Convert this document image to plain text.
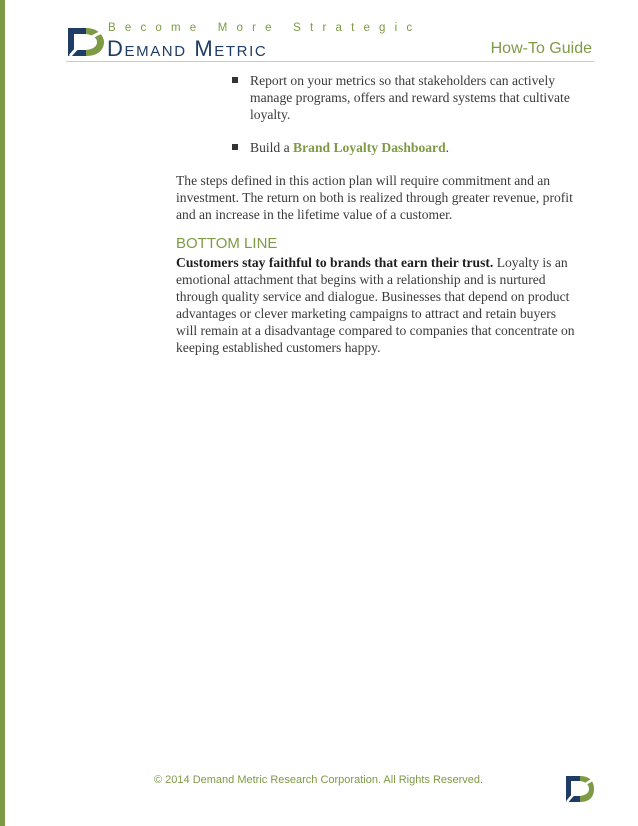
Become More Strategic
Demand Metric	How-To Guide
Report on your metrics so that stakeholders can actively manage programs, offers and reward systems that cultivate loyalty.
Build a Brand Loyalty Dashboard.

The steps defined in this action plan will require commitment and an investment. The return on both is realized through greater revenue, profit and an increase in the lifetime value of a customer.

BOTTOM LINE

Customers stay faithful to brands that earn their trust. Loyalty is an emotional attachment that begins with a relationship and is nurtured through quality service and dialogue. Businesses that depend on product advantages or clever marketing campaigns to attract and retain buyers will remain at a disadvantage compared to companies that concentrate on keeping established customers happy.

© 2014 Demand Metric Research Corporation. All Rights Reserved.
